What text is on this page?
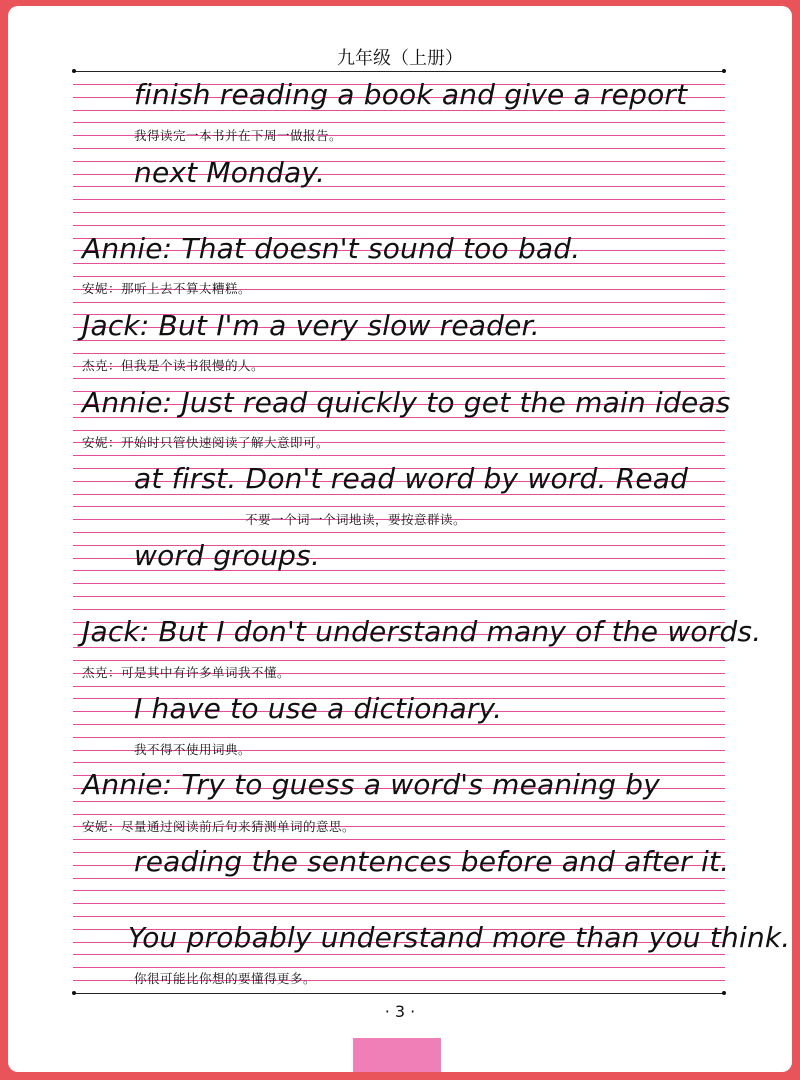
九年级（上册）
finish reading a book and give a report
我得读完一本书并在下周一做报告。
next Monday.
Annie: That doesn't sound too bad.
安妮：那听上去不算太糟糕。
Jack: But I'm a very slow reader.
杰克：但我是个读书很慢的人。
Annie: Just read quickly to get the main ideas
安妮：开始时只管快速阅读了解大意即可。
at first. Don't read word by word. Read
不要一个词一个词地读，要按意群读。
word groups.
Jack: But I don't understand many of the words.
杰克：可是其中有许多单词我不懂。
I have to use a dictionary.
我不得不使用词典。
Annie: Try to guess a word's meaning by
安妮：尽量通过阅读前后句来猜测单词的意思。
reading the sentences before and after it.
You probably understand more than you think.
你很可能比你想的要懂得更多。
· 3 ·
